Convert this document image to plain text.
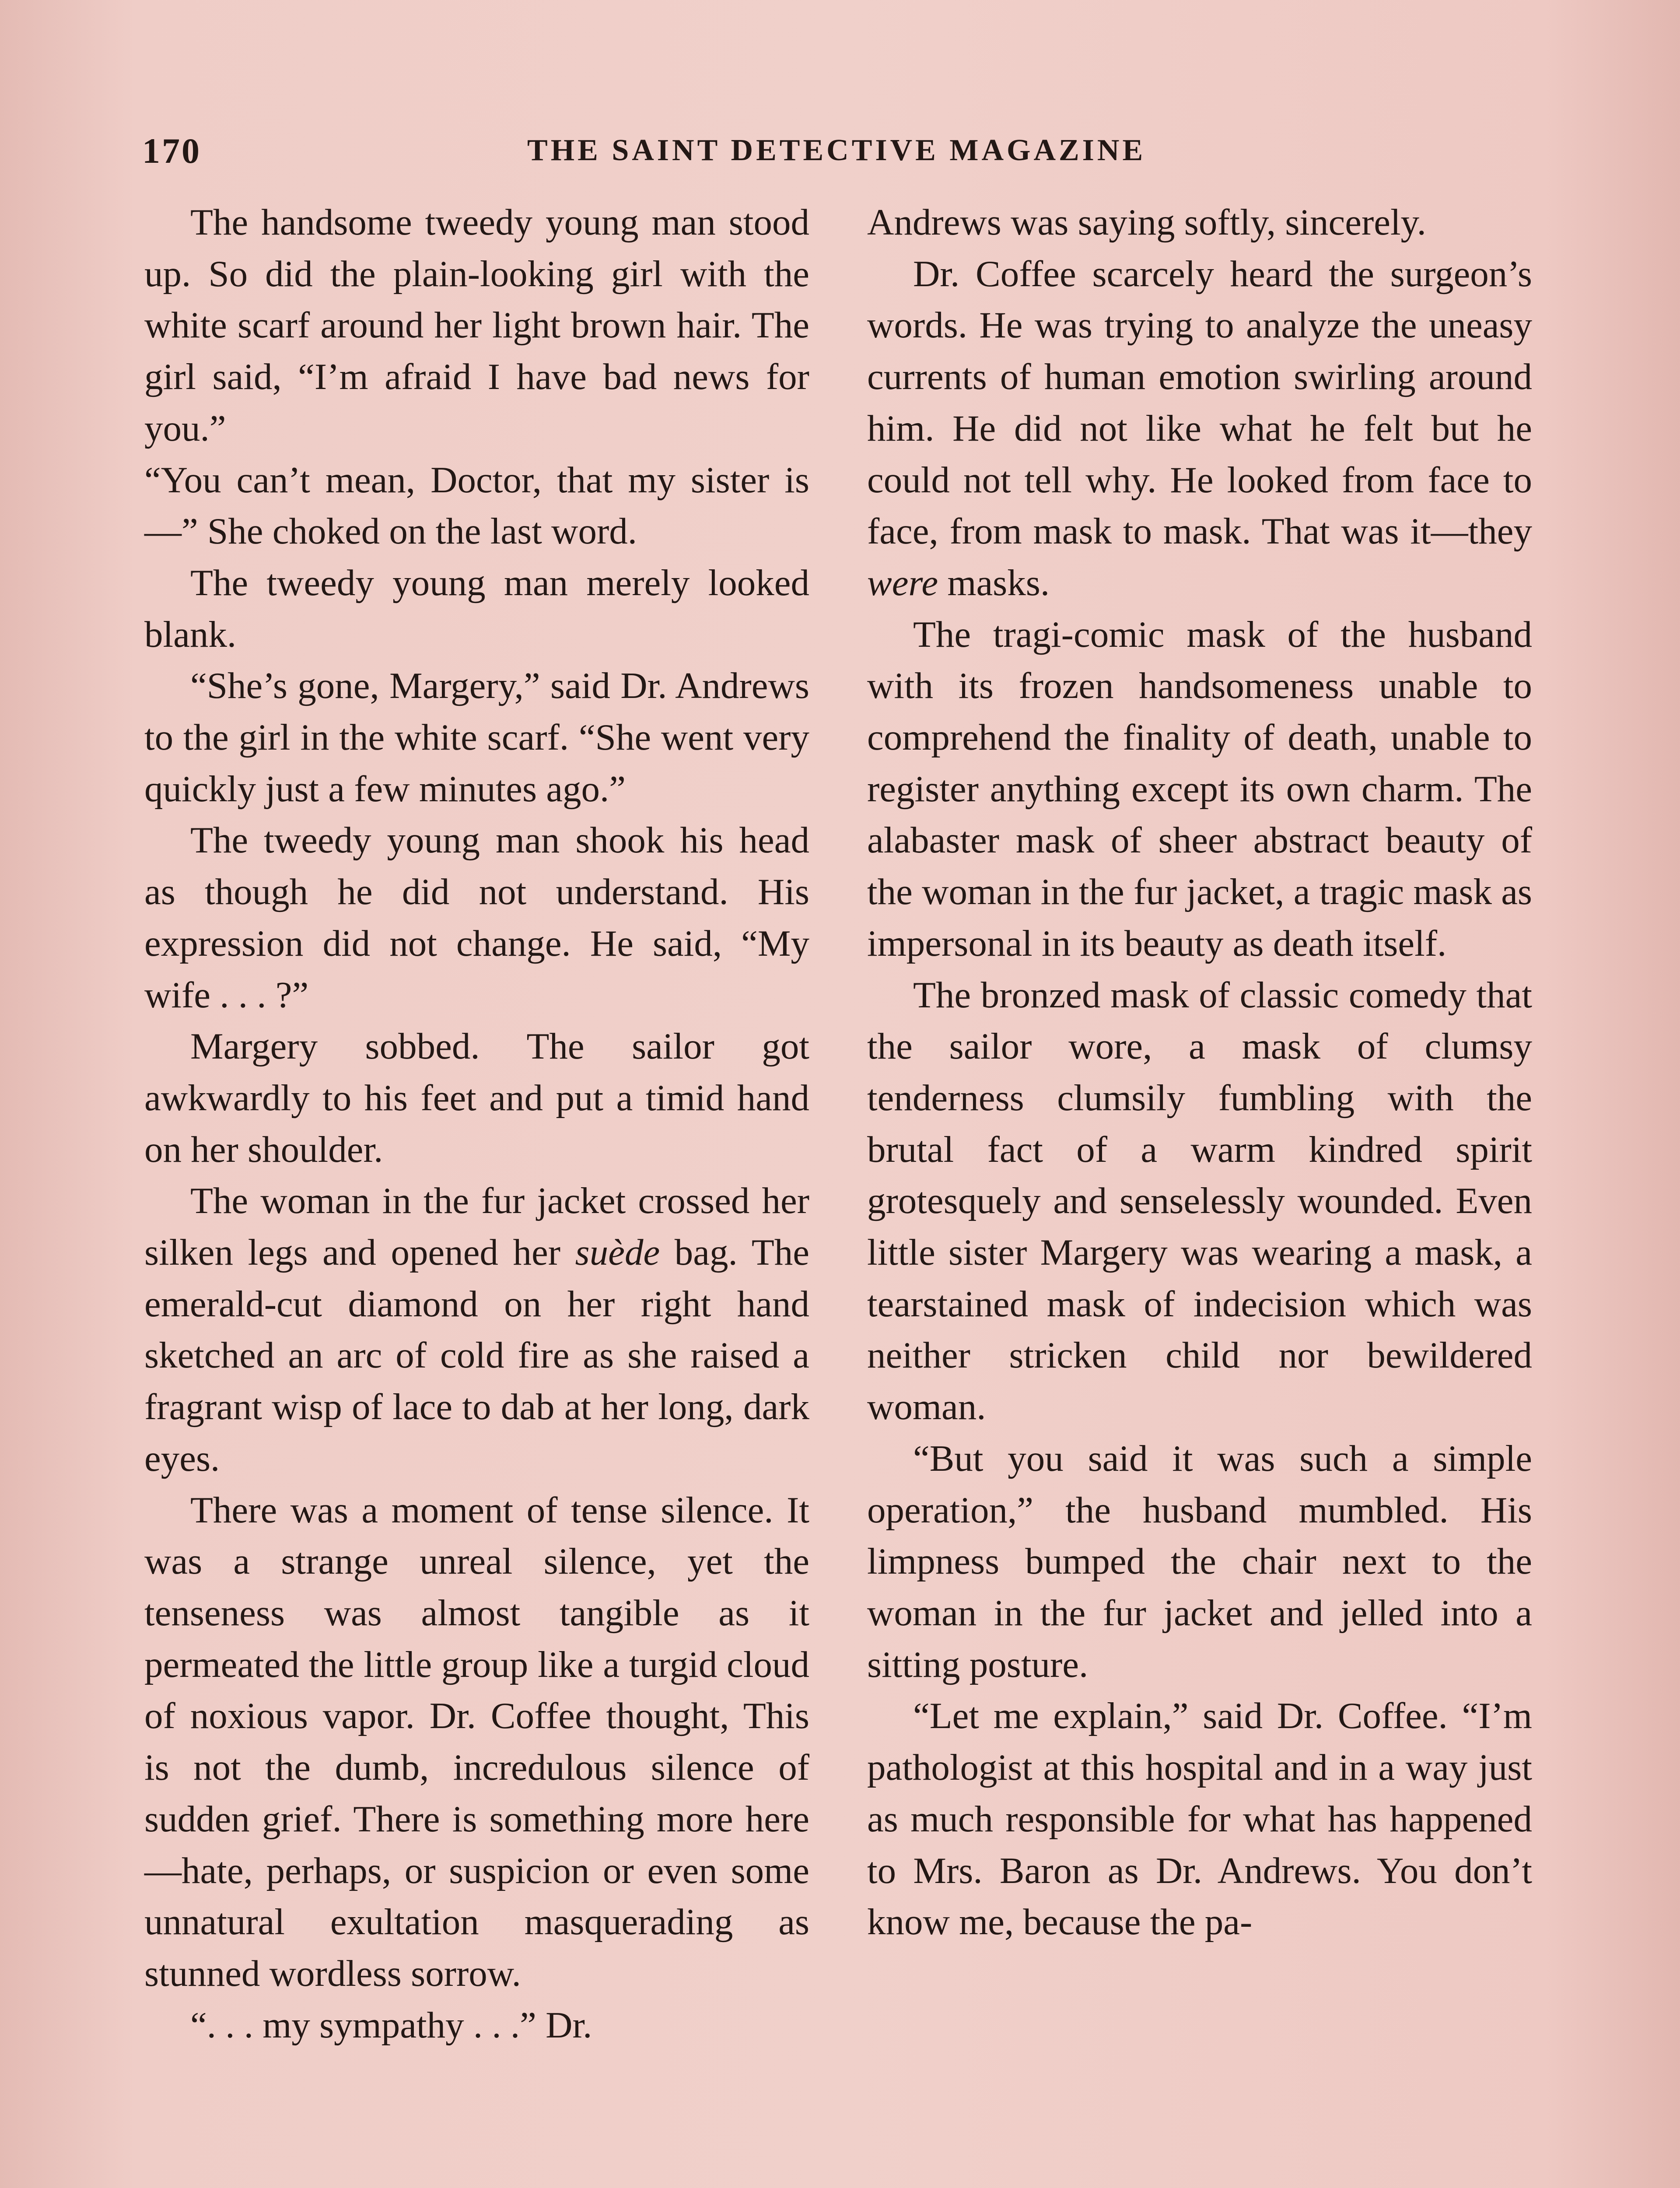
170	THE SAINT DETECTIVE MAGAZINE

The handsome tweedy young man stood up. So did the plain-looking girl with the white scarf around her light brown hair. The girl said, “I’m afraid I have bad news for you.”

“You can’t mean, Doctor, that my sister is—” She choked on the last word.

The tweedy young man merely looked blank.

“She’s gone, Margery,” said Dr. Andrews to the girl in the white scarf. “She went very quickly just a few minutes ago.”

The tweedy young man shook his head as though he did not understand. His expression did not change. He said, “My wife . . . ?”

Margery sobbed. The sailor got awkwardly to his feet and put a timid hand on her shoulder.

The woman in the fur jacket crossed her silken legs and opened her suède bag. The emerald-cut diamond on her right hand sketched an arc of cold fire as she raised a fragrant wisp of lace to dab at her long, dark eyes.

There was a moment of tense silence. It was a strange unreal silence, yet the tenseness was almost tangible as it permeated the little group like a turgid cloud of noxious vapor. Dr. Coffee thought, This is not the dumb, incredulous silence of sudden grief. There is something more here—hate, perhaps, or suspicion or even some unnatural exultation masquerading as stunned wordless sorrow.

“. . . my sympathy . . .” Dr.

Andrews was saying softly, sincerely.

Dr. Coffee scarcely heard the surgeon’s words. He was trying to analyze the uneasy currents of human emotion swirling around him. He did not like what he felt but he could not tell why. He looked from face to face, from mask to mask. That was it—they were masks.

The tragi-comic mask of the husband with its frozen handsomeness unable to comprehend the finality of death, unable to register anything except its own charm. The alabaster mask of sheer abstract beauty of the woman in the fur jacket, a tragic mask as impersonal in its beauty as death itself.

The bronzed mask of classic comedy that the sailor wore, a mask of clumsy tenderness clumsily fumbling with the brutal fact of a warm kindred spirit grotesquely and senselessly wounded. Even little sister Margery was wearing a mask, a tearstained mask of indecision which was neither stricken child nor bewildered woman.

“But you said it was such a simple operation,” the husband mumbled. His limpness bumped the chair next to the woman in the fur jacket and jelled into a sitting posture.

“Let me explain,” said Dr. Coffee. “I’m pathologist at this hospital and in a way just as much responsible for what has happened to Mrs. Baron as Dr. Andrews. You don’t know me, because the pa-
